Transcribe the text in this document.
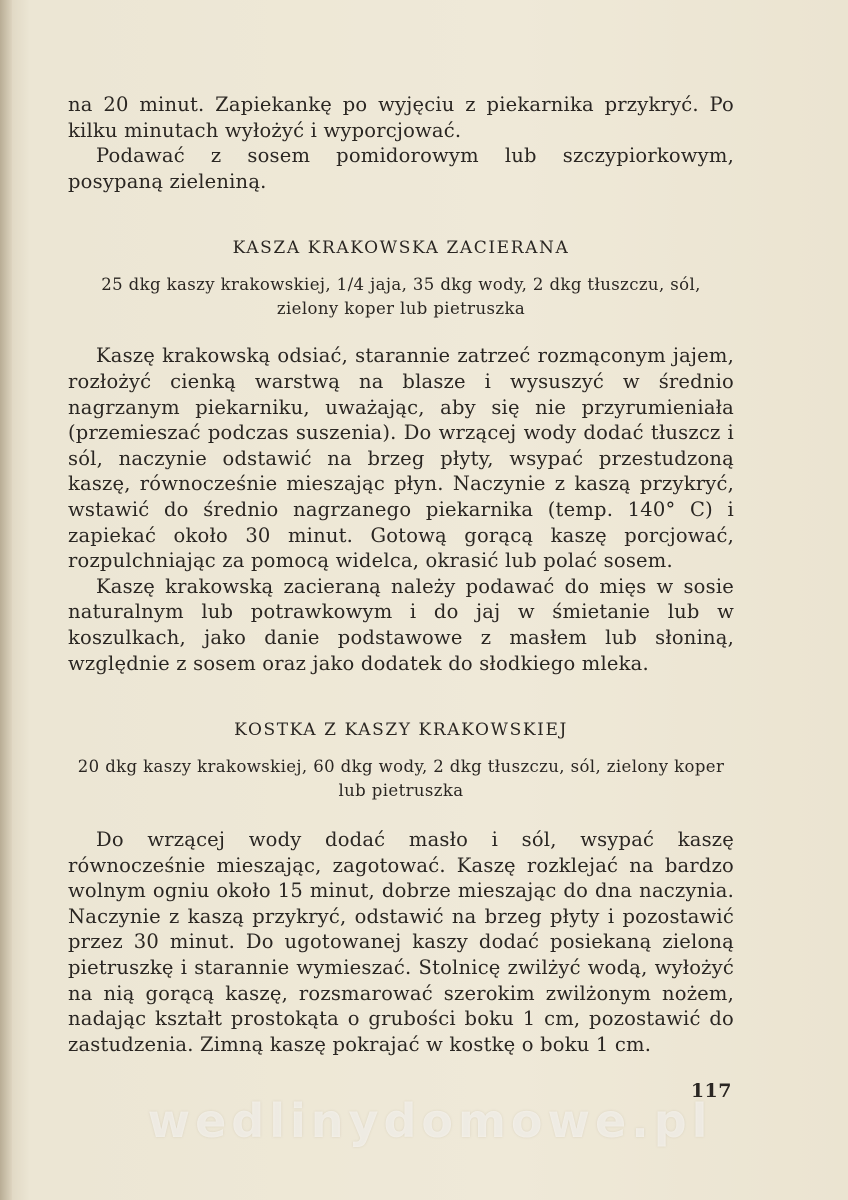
na 20 minut. Zapiekankę po wyjęciu z piekarnika przykryć. Po kilku minutach wyłożyć i wyporcjować.

Podawać z sosem pomidorowym lub szczypiorkowym, posypaną zieleniną.

KASZA KRAKOWSKA ZACIERANA
25 dkg kaszy krakowskiej, 1/4 jaja, 35 dkg wody, 2 dkg tłuszczu, sól, zielony koper lub pietruszka

Kaszę krakowską odsiać, starannie zatrzeć rozmąconym jajem, rozłożyć cienką warstwą na blasze i wysuszyć w średnio nagrzanym piekarniku, uważając, aby się nie przyrumieniała (przemieszać podczas suszenia). Do wrzącej wody dodać tłuszcz i sól, naczynie odstawić na brzeg płyty, wsypać przestudzoną kaszę, równocześnie mieszając płyn. Naczynie z kaszą przykryć, wstawić do średnio nagrzanego piekarnika (temp. 140° C) i zapiekać około 30 minut. Gotową gorącą kaszę porcjować, rozpulchniając za pomocą widelca, okrasić lub polać sosem.

Kaszę krakowską zacieraną należy podawać do mięs w sosie naturalnym lub potrawkowym i do jaj w śmietanie lub w koszulkach, jako danie podstawowe z masłem lub słoniną, względnie z sosem oraz jako dodatek do słodkiego mleka.

KOSTKA Z KASZY KRAKOWSKIEJ
20 dkg kaszy krakowskiej, 60 dkg wody, 2 dkg tłuszczu, sól, zielony koper lub pietruszka

Do wrzącej wody dodać masło i sól, wsypać kaszę równocześnie mieszając, zagotować. Kaszę rozklejać na bardzo wolnym ogniu około 15 minut, dobrze mieszając do dna naczynia. Naczynie z kaszą przykryć, odstawić na brzeg płyty i pozostawić przez 30 minut. Do ugotowanej kaszy dodać posiekaną zieloną pietruszkę i starannie wymieszać. Stolnicę zwilżyć wodą, wyłożyć na nią gorącą kaszę, rozsmarować szerokim zwilżonym nożem, nadając kształt prostokąta o grubości boku 1 cm, pozostawić do zastudzenia. Zimną kaszę pokrajać w kostkę o boku 1 cm.

117
wedlinydomowe.pl
